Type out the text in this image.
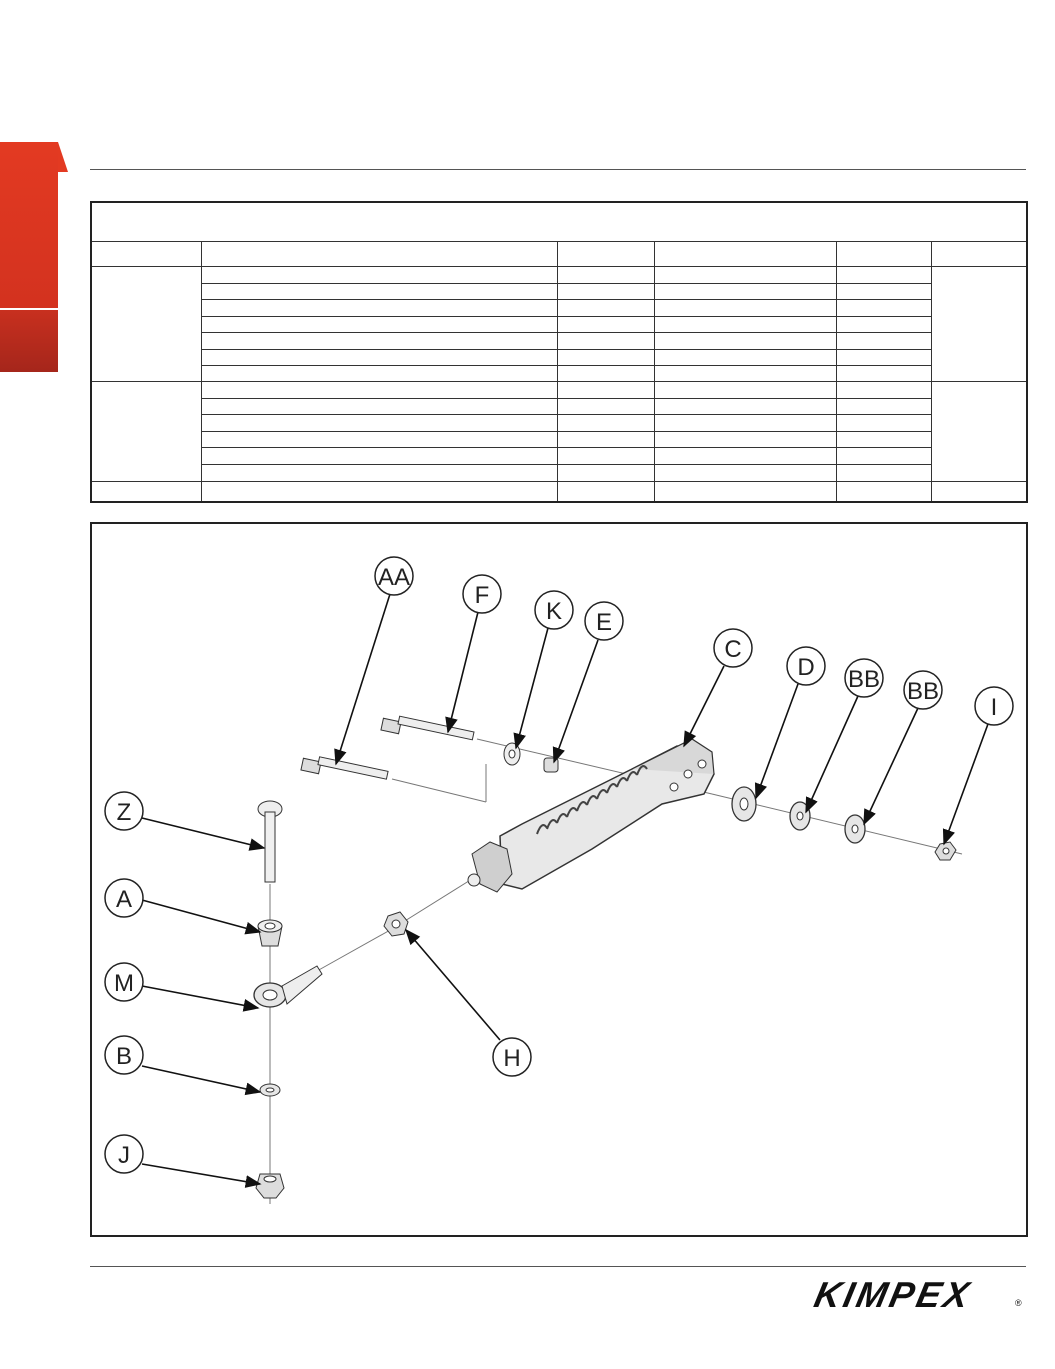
AA
F
K E
C
D BB BB
I
Z
A
M
B
J
H
KIMPEX	®
